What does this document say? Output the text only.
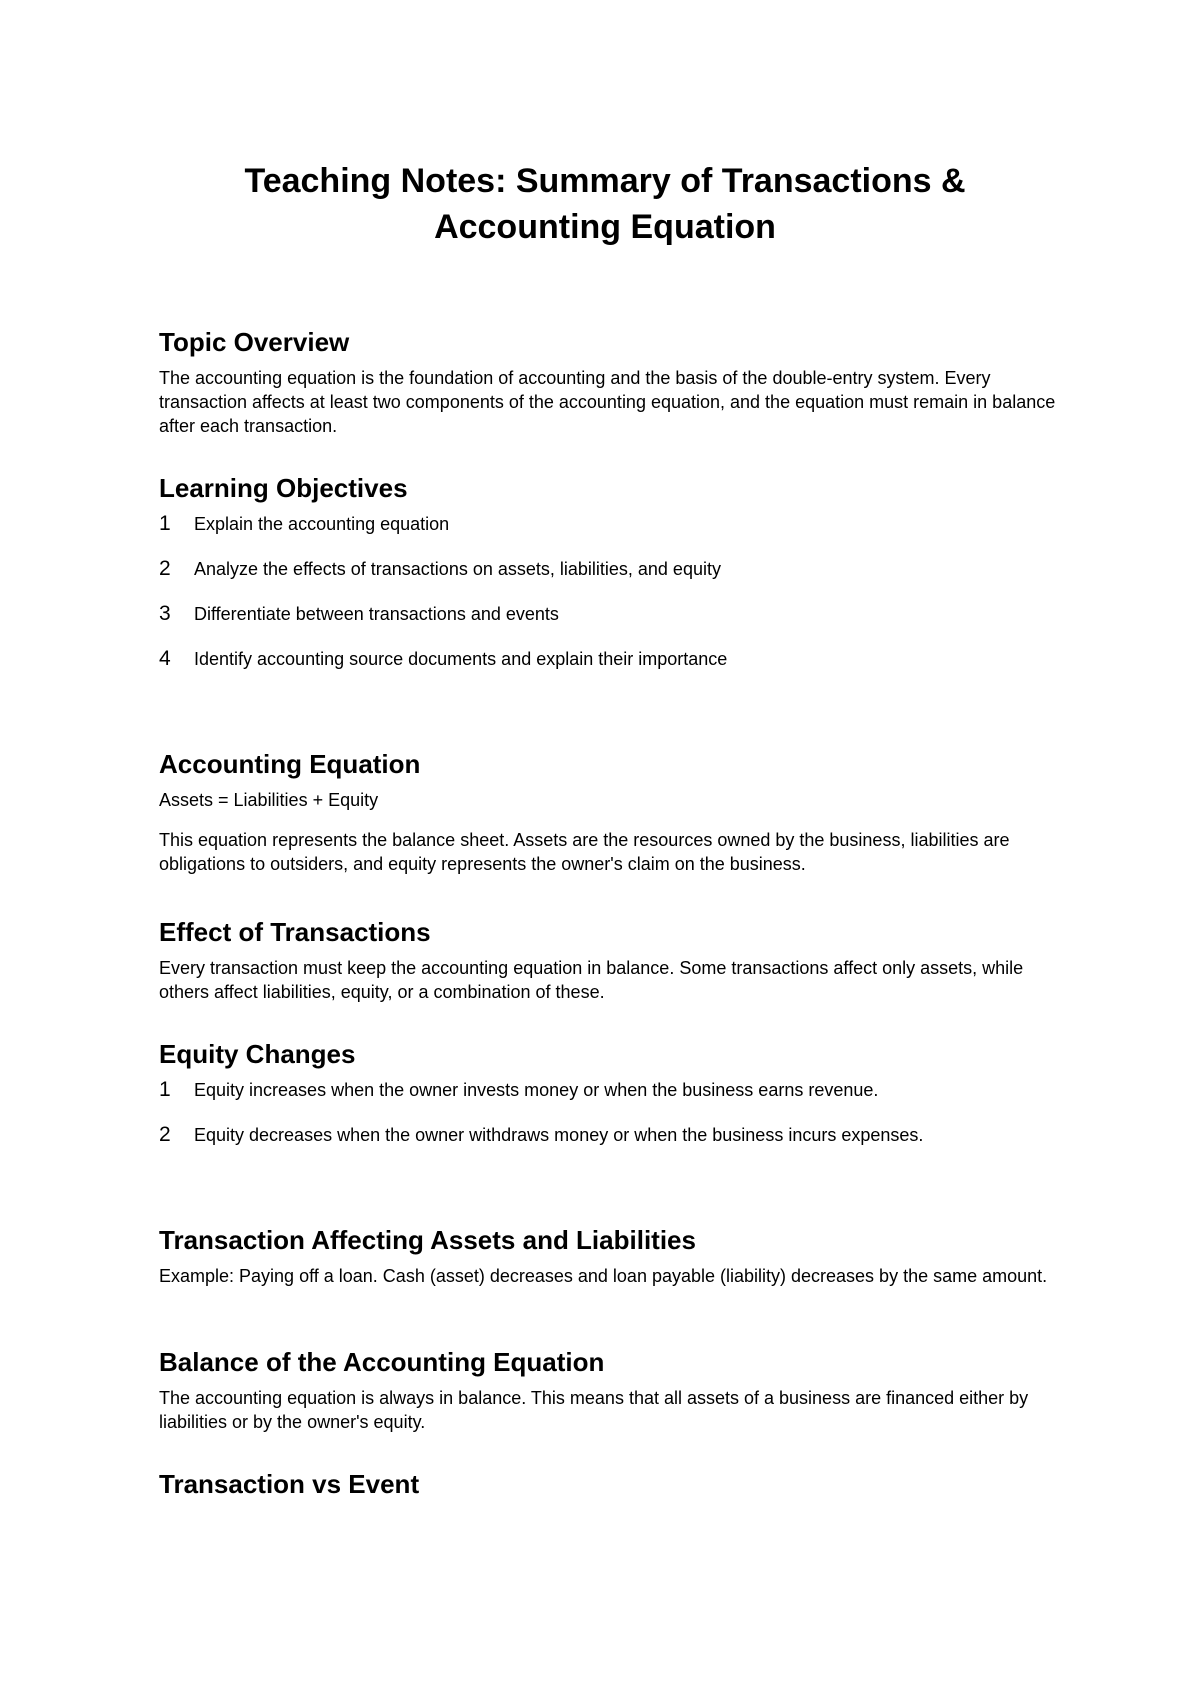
Teaching Notes: Summary of Transactions & Accounting Equation
Topic Overview

The accounting equation is the foundation of accounting and the basis of the double-entry system. Every transaction affects at least two components of the accounting equation, and the equation must remain in balance after each transaction.

Learning Objectives
1 Explain the accounting equation
2 Analyze the effects of transactions on assets, liabilities, and equity
3 Differentiate between transactions and events
4 Identify accounting source documents and explain their importance
Accounting Equation

Assets = Liabilities + Equity

This equation represents the balance sheet. Assets are the resources owned by the business, liabilities are obligations to outsiders, and equity represents the owner's claim on the business.

Effect of Transactions

Every transaction must keep the accounting equation in balance. Some transactions affect only assets, while others affect liabilities, equity, or a combination of these.

Equity Changes
1 Equity increases when the owner invests money or when the business earns revenue.
2 Equity decreases when the owner withdraws money or when the business incurs expenses.
Transaction Affecting Assets and Liabilities

Example: Paying off a loan. Cash (asset) decreases and loan payable (liability) decreases by the same amount.

Balance of the Accounting Equation

The accounting equation is always in balance. This means that all assets of a business are financed either by liabilities or by the owner's equity.

Transaction vs Event
